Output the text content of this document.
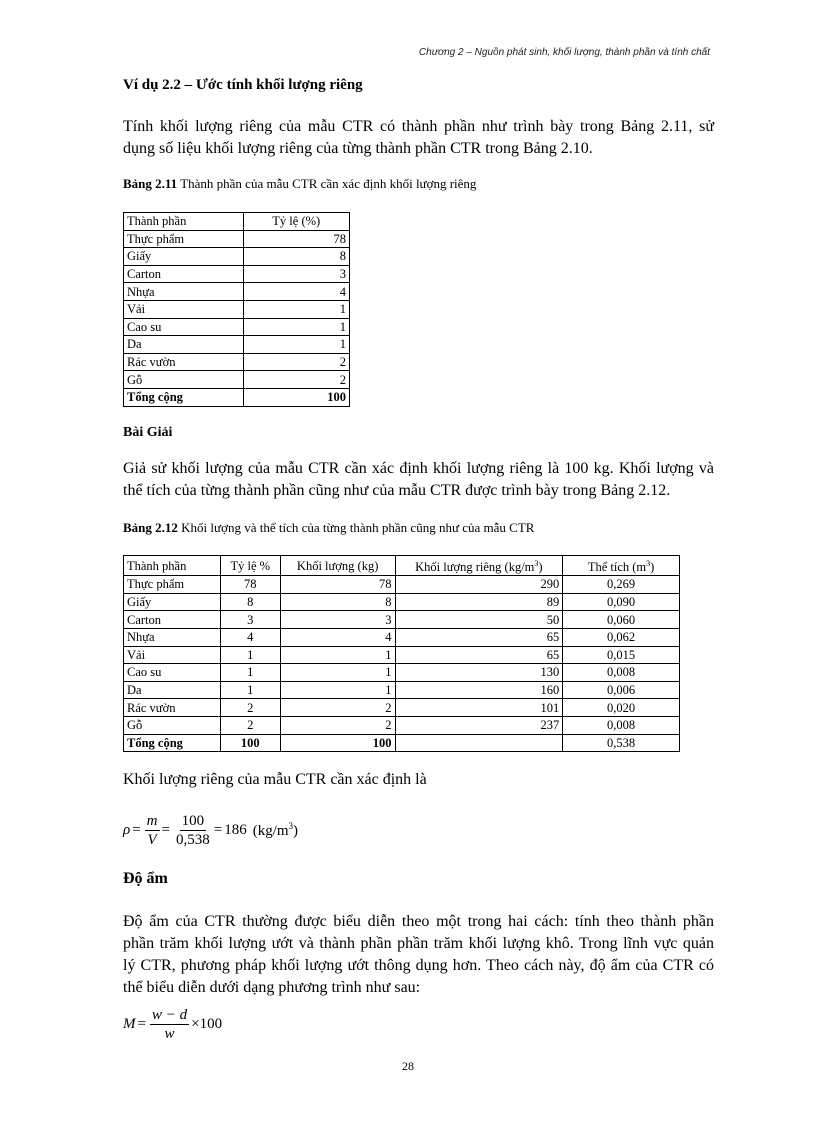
Chương 2 – Nguồn phát sinh, khối lượng, thành phần và tính chất
Ví dụ 2.2 – Ước tính khối lượng riêng
Tính khối lượng riêng của mẫu CTR có thành phần như trình bày trong Bảng 2.11, sử
dụng số liệu khối lượng riêng của từng thành phần CTR trong Bảng 2.10.
Bảng 2.11 Thành phần của mẫu CTR cần xác định khối lượng riêng
Thành phần	Tỷ lệ (%)
Thực phẩm	78
Giấy	8
Carton	3
Nhựa	4
Vải	1
Cao su	1
Da	1
Rác vườn	2
Gỗ	2
Tổng cộng	100
Bài Giải
Giả sử khối lượng của mẫu CTR cần xác định khối lượng riêng là 100 kg. Khối lượng và
thể tích của từng thành phần cũng như của mẫu CTR được trình bày trong Bảng 2.12.
Bảng 2.12 Khối lượng và thể tích của từng thành phần cũng như của mẫu CTR
Thành phần	Tỷ lệ %	Khối lượng (kg)	Khối lượng riêng $(kg/m^3)$	Thể tích $(m^3)$
Thực phẩm	78	78	290	0,269
Giấy	8	8	89	0,090
Carton	3	3	50	0,060
Nhựa	4	4	65	0,062
Vải	1	1	65	0,015
Cao su	1	1	130	0,008
Da	1	1	160	0,006
Rác vườn	2	2	101	0,020
Gỗ	2	2	237	0,008
Tổng cộng	100	100		0,538
Khối lượng riêng của mẫu CTR cần xác định là
$\rho = \frac{m}{V} = \frac{100}{0,538} = 186$ $(kg/m^3)$
Độ ẩm
Độ ẩm của CTR thường được biểu diễn theo một trong hai cách: tính theo thành phần
phần trăm khối lượng ướt và thành phần phần trăm khối lượng khô. Trong lĩnh vực quản
lý CTR, phương pháp khối lượng ướt thông dụng hơn. Theo cách này, độ ẩm của CTR có
thể biểu diễn dưới dạng phương trình như sau:
$M = \frac{w - d}{w} \times 100$
28
